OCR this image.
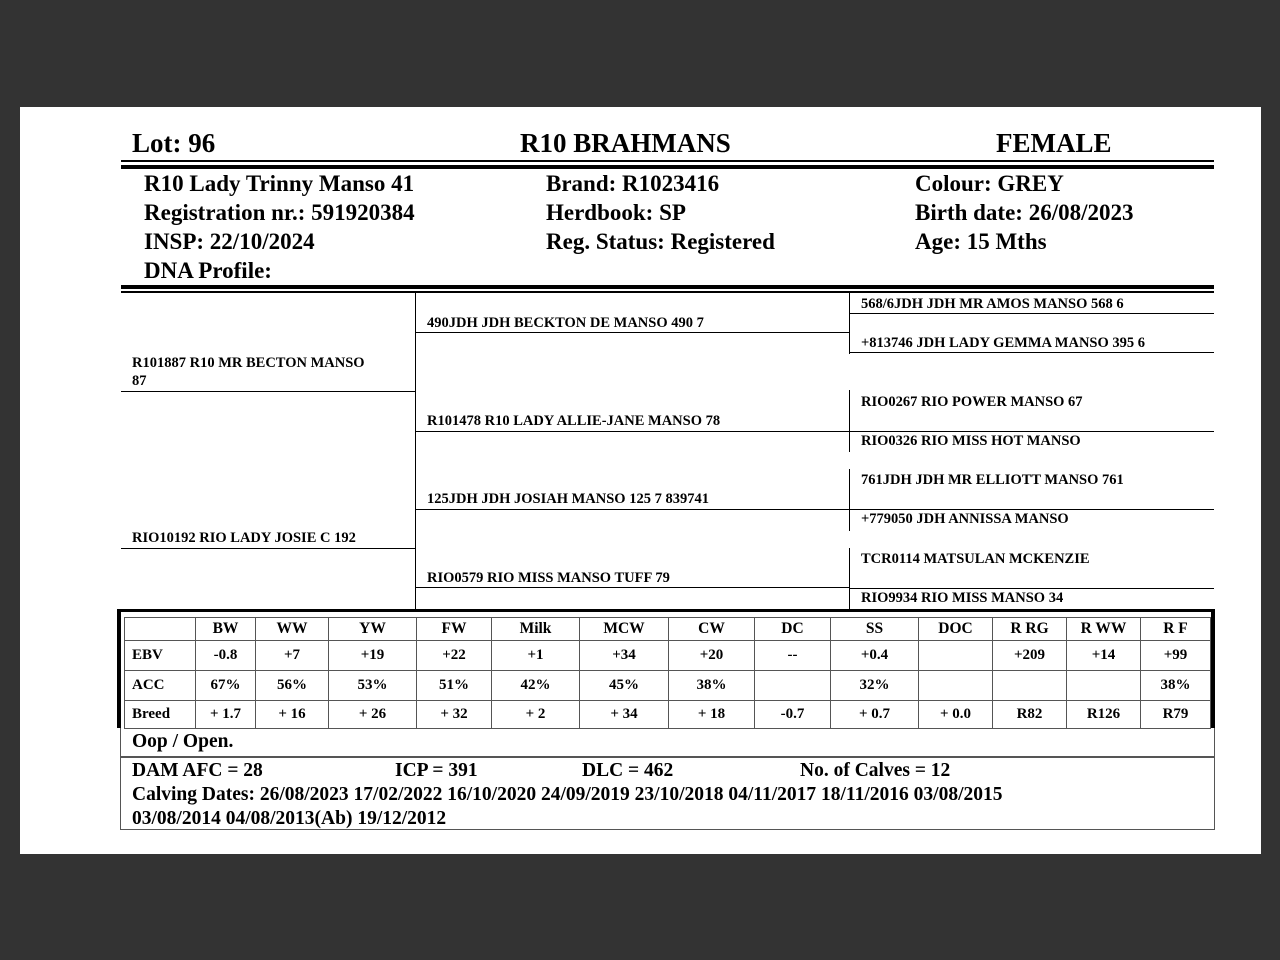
Lot: 96	R10 BRAHMANS	FEMALE
R10 Lady Trinny Manso 41
Registration nr.: 591920384
INSP: 22/10/2024
DNA Profile:
Brand: R1023416
Herdbook: SP
Reg. Status: Registered
Colour: GREY
Birth date: 26/08/2023
Age: 15 Mths
R101887 R10 MR BECTON MANSO
87
RIO10192 RIO LADY JOSIE C 192
490JDH JDH BECKTON DE MANSO 490 7
R101478 R10 LADY ALLIE-JANE MANSO 78
125JDH JDH JOSIAH MANSO 125 7 839741
RIO0579 RIO MISS MANSO TUFF 79
568/6JDH JDH MR AMOS MANSO 568 6
+813746 JDH LADY GEMMA MANSO 395 6
RIO0267 RIO POWER MANSO 67
RIO0326 RIO MISS HOT MANSO
761JDH JDH MR ELLIOTT MANSO 761
+779050 JDH ANNISSA MANSO
TCR0114 MATSULAN MCKENZIE
RIO9934 RIO MISS MANSO 34
	BW	WW	YW	FW	Milk	MCW	CW	DC	SS	DOC	R RG	R WW	R F
EBV	-0.8	+7	+19	+22	+1	+34	+20	--	+0.4		+209	+14	+99
ACC	67%	56%	53%	51%	42%	45%	38%		32%				38%
Breed	+ 1.7	+ 16	+ 26	+ 32	+ 2	+ 34	+ 18	-0.7	+ 0.7	+ 0.0	R82	R126	R79
Oop / Open.
DAM AFC = 28	ICP = 391	DLC = 462	No. of Calves = 12
Calving Dates: 26/08/2023 17/02/2022 16/10/2020 24/09/2019 23/10/2018 04/11/2017 18/11/2016 03/08/2015
03/08/2014 04/08/2013(Ab) 19/12/2012
